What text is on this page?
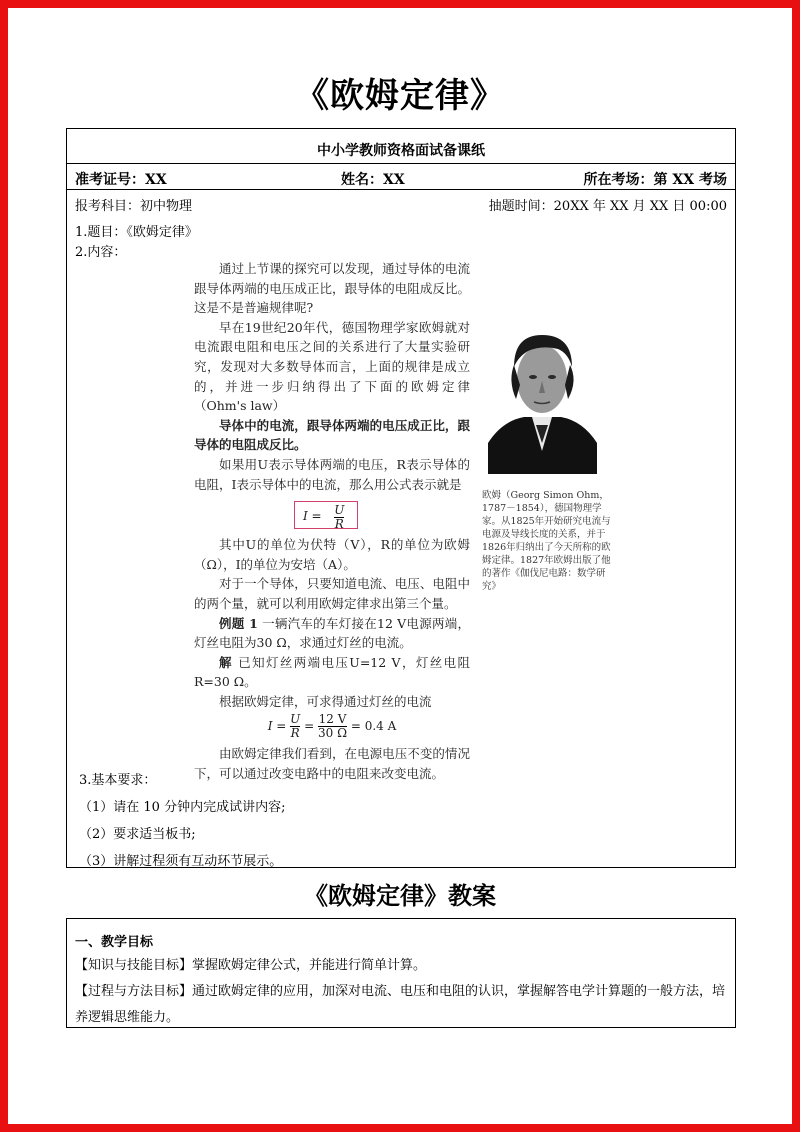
《欧姆定律》
中小学教师资格面试备课纸
准考证号：XX	姓名：XX	所在考场：第 XX 考场
报考科目：初中物理	抽题时间：20XX 年 XX 月 XX 日 00:00
1.题目：《欧姆定律》
2.内容：

通过上节课的探究可以发现，通过导体的电流跟导体两端的电压成正比，跟导体的电阻成反比。这是不是普遍规律呢?

早在19世纪20年代，德国物理学家欧姆就对电流跟电阻和电压之间的关系进行了大量实验研究，发现对大多数导体而言，上面的规律是成立的，并进一步归纳得出了下面的欧姆定律（Ohm's law）

导体中的电流，跟导体两端的电压成正比，跟导体的电阻成反比。

如果用U表示导体两端的电压，R表示导体的电阻，I表示导体中的电流，那么用公式表示就是

$I = \frac{U}{R}$

其中U的单位为伏特（V），R的单位为欧姆（Ω），I的单位为安培（A）。

对于一个导体，只要知道电流、电压、电阻中的两个量，就可以利用欧姆定律求出第三个量。

例题 1 一辆汽车的车灯接在12 V电源两端，灯丝电阻为30 Ω，求通过灯丝的电流。

解 已知灯丝两端电压U=12 V，灯丝电阻R=30 Ω。

根据欧姆定律，可求得通过灯丝的电流

$I = \frac{U}{R} = \frac{12 V}{30 \Omega} = 0.4$ A

由欧姆定律我们看到，在电源电压不变的情况下，可以通过改变电路中的电阻来改变电流。

欧姆（Georg Simon Ohm，1787－1854），德国物理学家。从1825年开始研究电流与电源及导线长度的关系，并于1826年归纳出了今天所称的欧姆定律。1827年欧姆出版了他的著作《伽伐尼电路：数学研究》
3.基本要求：
（1）请在 10 分钟内完成试讲内容;
（2）要求适当板书;
（3）讲解过程须有互动环节展示。
《欧姆定律》教案
一、教学目标
【知识与技能目标】掌握欧姆定律公式，并能进行简单计算。
【过程与方法目标】通过欧姆定律的应用，加深对电流、电压和电阻的认识，掌握解答电学计算题的一般方法，培养逻辑思维能力。
